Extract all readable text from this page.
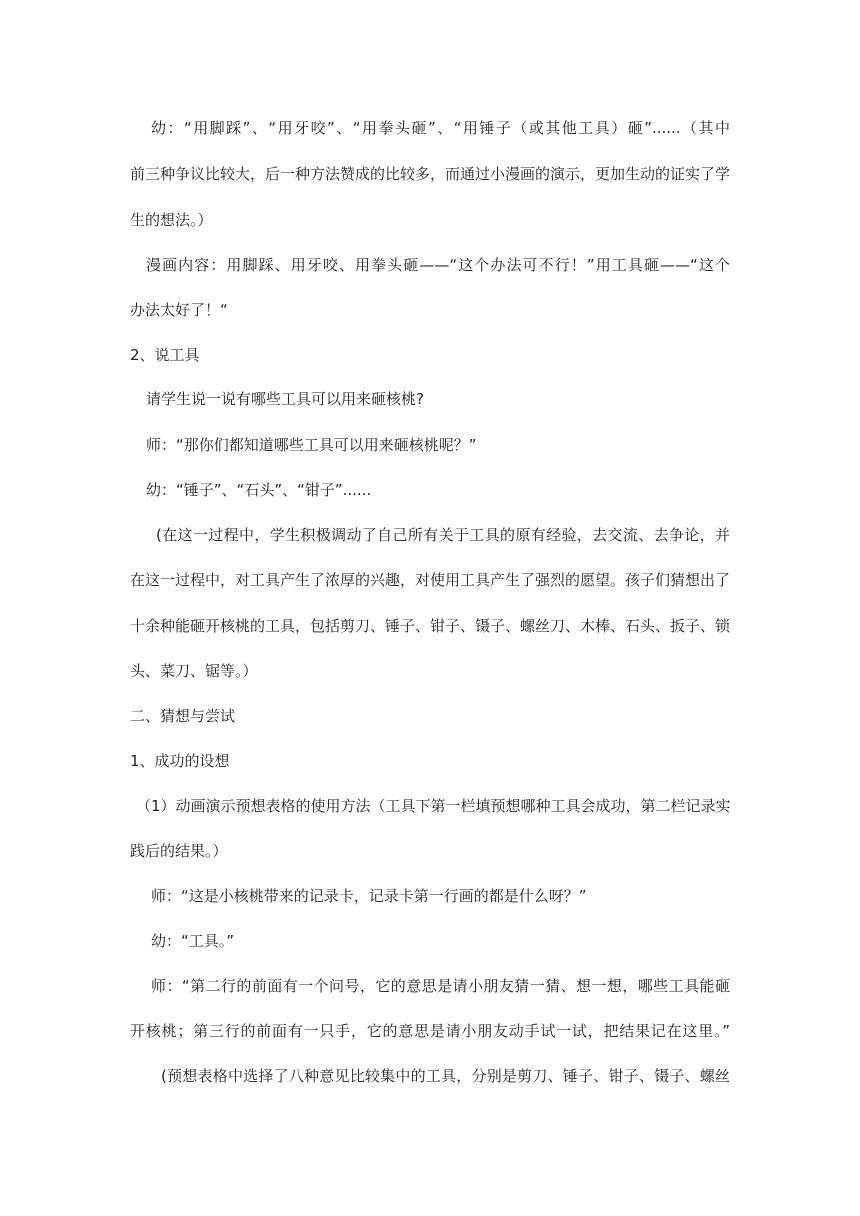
幼：“用脚踩”、“用牙咬”、“用拳头砸”、“用锤子（或其他工具）砸”......（其中
前三种争议比较大，后一种方法赞成的比较多，而通过小漫画的演示，更加生动的证实了学
生的想法。）
漫画内容：用脚踩、用牙咬、用拳头砸——“这个办法可不行！”用工具砸——“这个
办法太好了！“
2、说工具
请学生说一说有哪些工具可以用来砸核桃?
师：“那你们都知道哪些工具可以用来砸核桃呢？”
幼：“锤子”、“石头”、“钳子”......
(在这一过程中，学生积极调动了自己所有关于工具的原有经验，去交流、去争论，并
在这一过程中，对工具产生了浓厚的兴趣，对使用工具产生了强烈的愿望。孩子们猜想出了
十余种能砸开核桃的工具，包括剪刀、锤子、钳子、镊子、螺丝刀、木棒、石头、扳子、锁
头、菜刀、锯等。）
二、猜想与尝试
1、成功的设想
（1）动画演示预想表格的使用方法（工具下第一栏填预想哪种工具会成功，第二栏记录实
践后的结果。）
师：“这是小核桃带来的记录卡，记录卡第一行画的都是什么呀？”
幼：“工具。”
师：“第二行的前面有一个问号，它的意思是请小朋友猜一猜、想一想，哪些工具能砸
开核桃；第三行的前面有一只手，它的意思是请小朋友动手试一试，把结果记在这里。”
(预想表格中选择了八种意见比较集中的工具，分别是剪刀、锤子、钳子、镊子、螺丝
